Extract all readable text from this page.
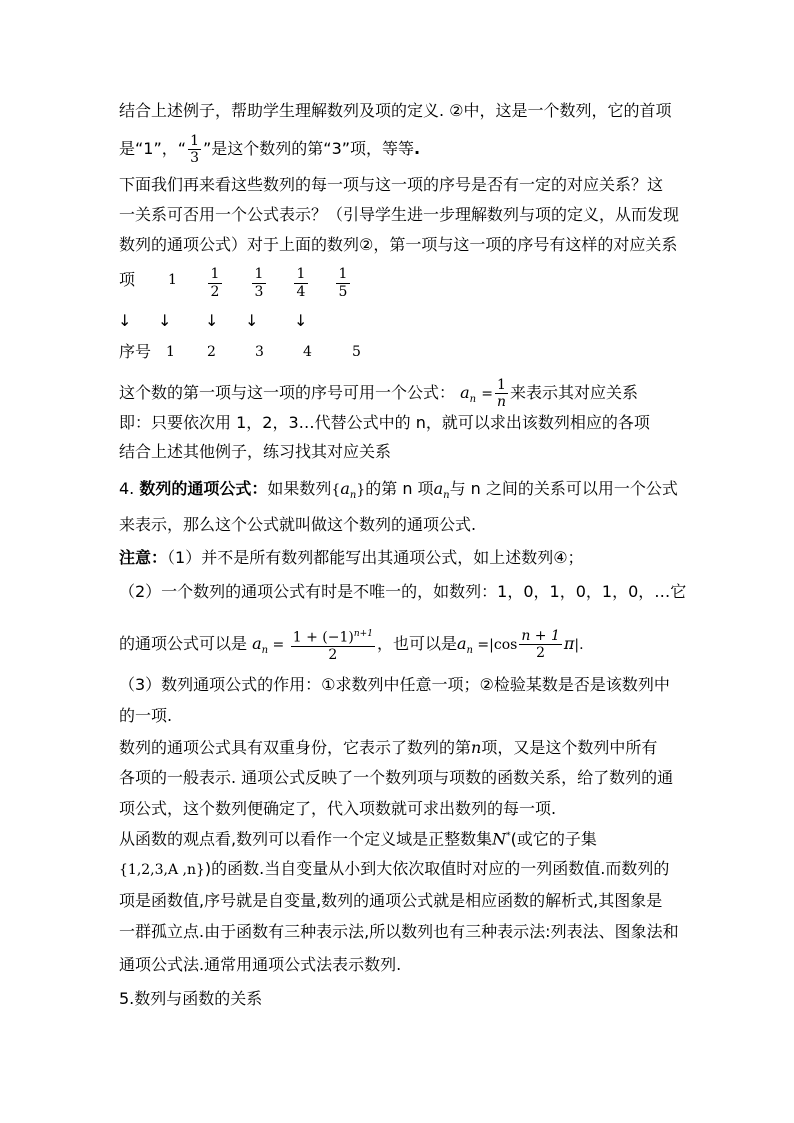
结合上述例子，帮助学生理解数列及项的定义. ②中，这是一个数列，它的首项
是“1”，“ $\frac{1}{3}$ ”是这个数列的第“3”项，等等.
下面我们再来看这些数列的每一项与这一项的序号是否有一定的对应关系？这
一关系可否用一个公式表示？（引导学生进一步理解数列与项的定义，从而发现
数列的通项公式）对于上面的数列②，第一项与这一项的序号有这样的对应关系
项 $1 \frac{1}{2} \frac{1}{3} \frac{1}{4} \frac{1}{5}$
↓ ↓ ↓ ↓ ↓
序号 1 2	3	4	5
这个数的第一项与这一项的序号可用一个公式： $a_n = \frac{1}{n}$ 来表示其对应关系
即：只要依次用 1，2，3…代替公式中的 n，就可以求出该数列相应的各项
结合上述其他例子，练习找其对应关系
4. 数列的通项公式：如果数列$\{a_n\}$的第 n 项$a_n$与 n 之间的关系可以用一个公式
来表示，那么这个公式就叫做这个数列的通项公式.
注意：（1）并不是所有数列都能写出其通项公式，如上述数列④；
（2）一个数列的通项公式有时是不唯一的，如数列：1，0，1，0，1，0，…它
的通项公式可以是 $a_n = \frac{1 + (-1)^{n+1}}{2}$ ，也可以是$a_n =|\cos \frac{n + 1}{2} \pi|$.
（3）数列通项公式的作用：①求数列中任意一项；②检验某数是否是该数列中
的一项.
数列的通项公式具有双重身份，它表示了数列的第n项，又是这个数列中所有
各项的一般表示. 通项公式反映了一个数列项与项数的函数关系，给了数列的通
项公式，这个数列便确定了，代入项数就可求出数列的每一项.
从函数的观点看,数列可以看作一个定义域是正整数集N*(或它的子集
{1,2,3,A ,n})的函数.当自变量从小到大依次取值时对应的一列函数值.而数列的
项是函数值,序号就是自变量,数列的通项公式就是相应函数的解析式,其图象是
一群孤立点.由于函数有三种表示法,所以数列也有三种表示法:列表法、图象法和
通项公式法.通常用通项公式法表示数列.
5.数列与函数的关系
